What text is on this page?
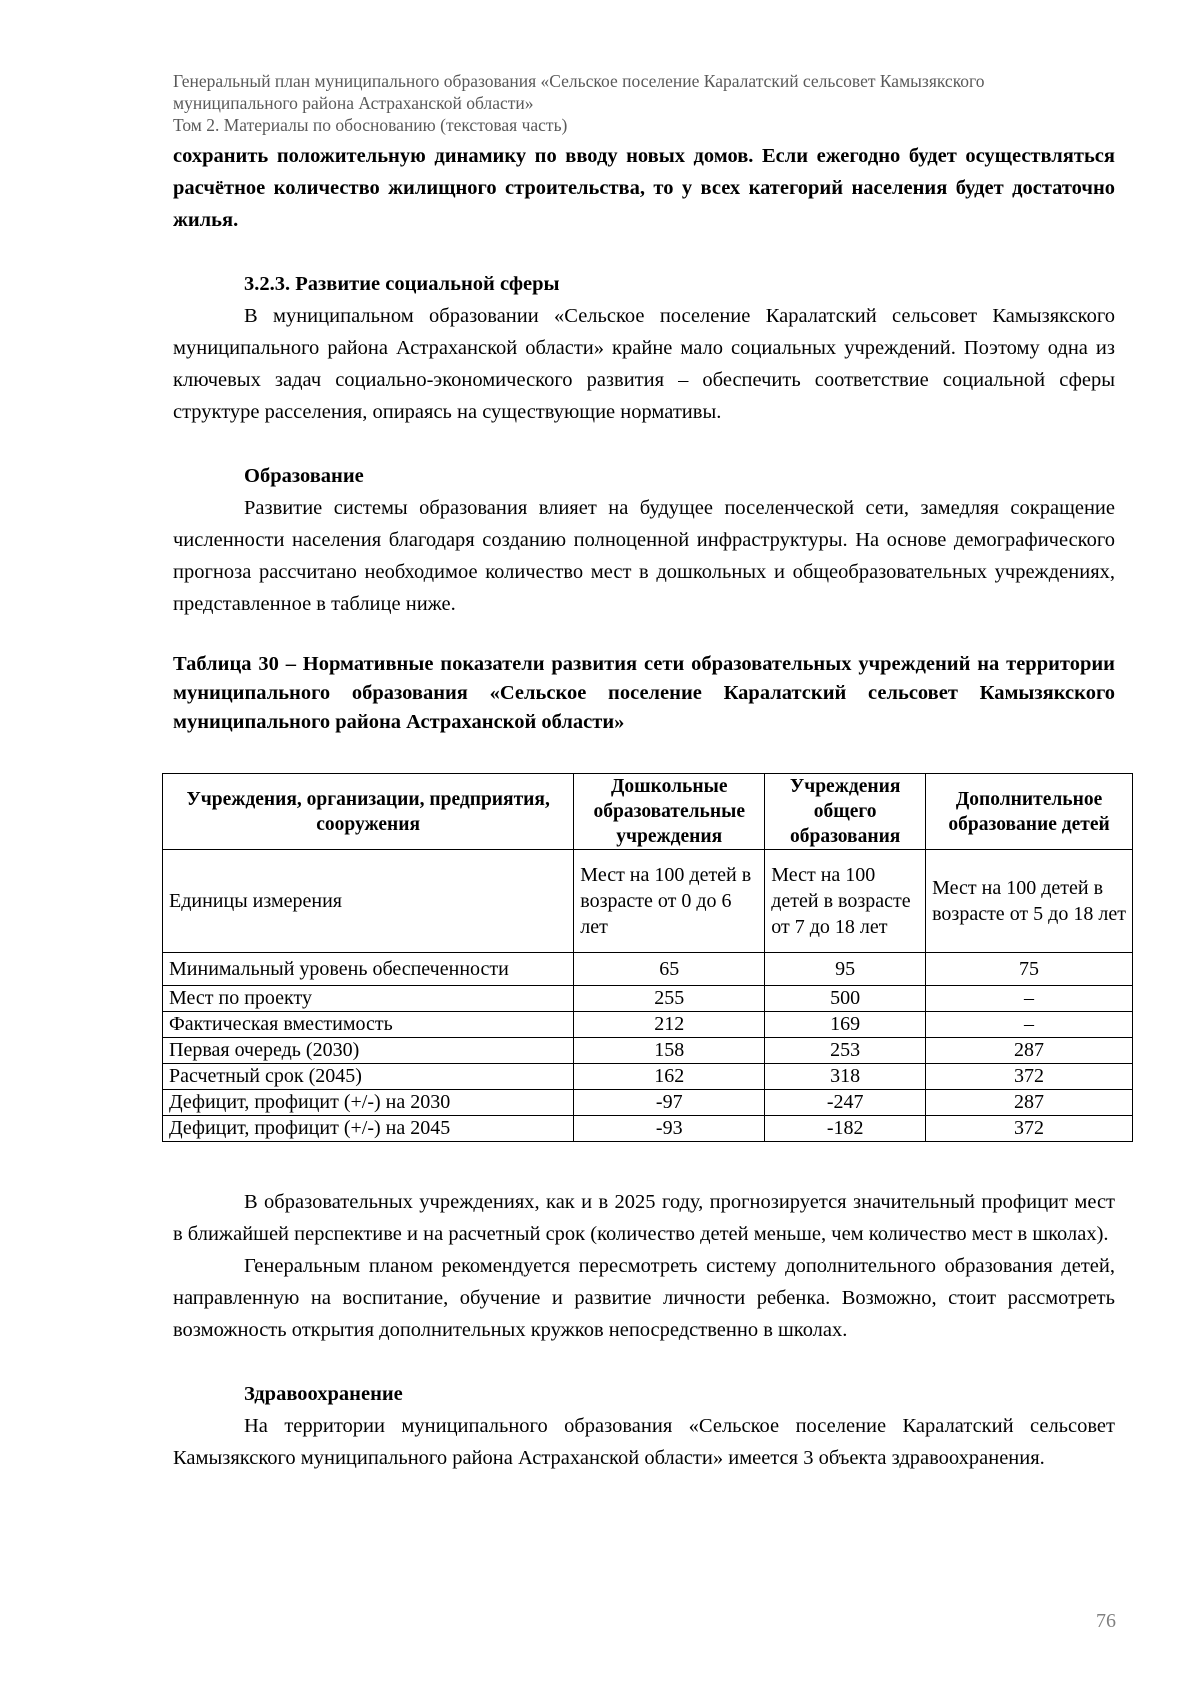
Генеральный план муниципального образования «Сельское поселение Каралатский сельсовет Камызякского
муниципального района Астраханской области»
Том 2. Материалы по обоснованию (текстовая часть)

сохранить положительную динамику по вводу новых домов. Если ежегодно будет осуществляться расчётное количество жилищного строительства, то у всех категорий населения будет достаточно жилья.

3.2.3. Развитие социальной сферы

В муниципальном образовании «Сельское поселение Каралатский сельсовет Камызякского муниципального района Астраханской области» крайне мало социальных учреждений. Поэтому одна из ключевых задач социально-экономического развития – обеспечить соответствие социальной сферы структуре расселения, опираясь на существующие нормативы.

Образование

Развитие системы образования влияет на будущее поселенческой сети, замедляя сокращение численности населения благодаря созданию полноценной инфраструктуры. На основе демографического прогноза рассчитано необходимое количество мест в дошкольных и общеобразовательных учреждениях, представленное в таблице ниже.

Таблица 30 – Нормативные показатели развития сети образовательных учреждений на территории муниципального образования «Сельское поселение Каралатский сельсовет Камызякского муниципального района Астраханской области»

Учреждения, организации, предприятия, сооружения	Дошкольные образовательные учреждения	Учреждения общего образования	Дополнительное образование детей
Единицы измерения	Мест на 100 детей в возрасте от 0 до 6 лет	Мест на 100 детей в возрасте от 7 до 18 лет	Мест на 100 детей в возрасте от 5 до 18 лет
Минимальный уровень обеспеченности	65	95	75
Мест по проекту	255	500	–
Фактическая вместимость	212	169	–
Первая очередь (2030)	158	253	287
Расчетный срок (2045)	162	318	372
Дефицит, профицит (+/-) на 2030	-97	-247	287
Дефицит, профицит (+/-) на 2045	-93	-182	372

В образовательных учреждениях, как и в 2025 году, прогнозируется значительный профицит мест в ближайшей перспективе и на расчетный срок (количество детей меньше, чем количество мест в школах).

Генеральным планом рекомендуется пересмотреть систему дополнительного образования детей, направленную на воспитание, обучение и развитие личности ребенка. Возможно, стоит рассмотреть возможность открытия дополнительных кружков непосредственно в школах.

Здравоохранение

На территории муниципального образования «Сельское поселение Каралатский сельсовет Камызякского муниципального района Астраханской области» имеется 3 объекта здравоохранения.

76
